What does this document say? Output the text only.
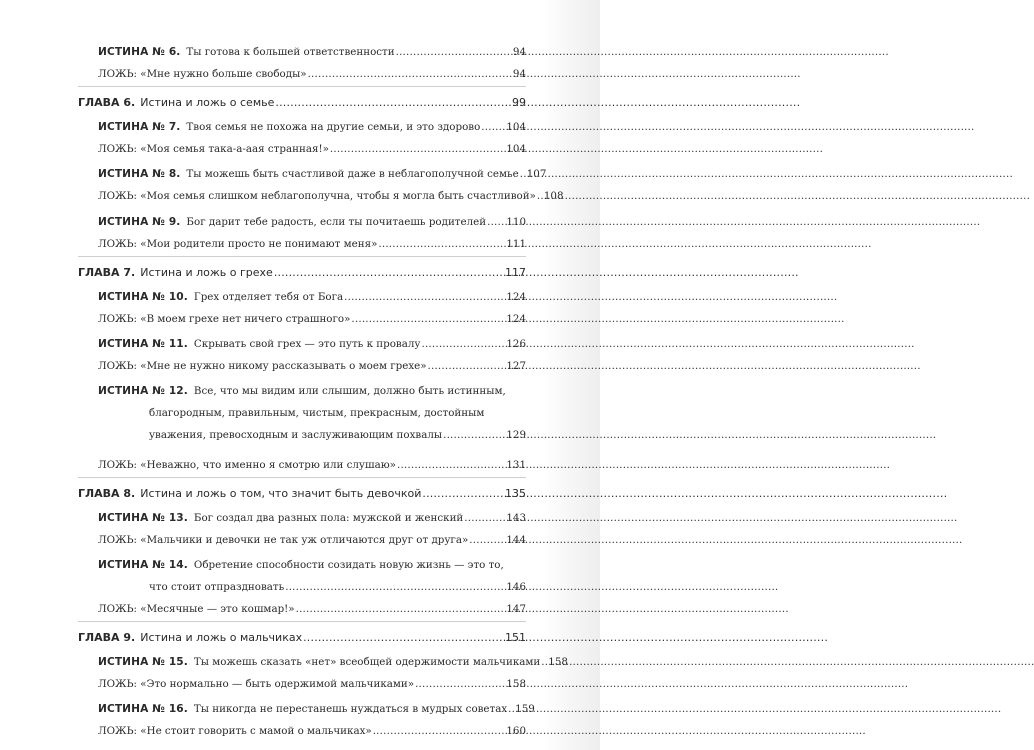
ИСТИНА № 6. Ты готова к большей ответственности .....	94
ЛОЖЬ: «Мне нужно больше свободы» .....	94
ГЛАВА 6. Истина и ложь о семье .....	99
ИСТИНА № 7. Твоя семья не похожа на другие семьи, и это здорово .....	104
ЛОЖЬ: «Моя семья така-а-аая странная!» .....	104
ИСТИНА № 8. Ты можешь быть счастливой даже в неблагополучной семье ..... 107
ЛОЖЬ: «Моя семья слишком неблагополучна, чтобы я могла быть счастливой» ..... 108
ИСТИНА № 9. Бог дарит тебе радость, если ты почитаешь родителей ..... 110
ЛОЖЬ: «Мои родители просто не понимают меня» .....	111
ГЛАВА 7. Истина и ложь о грехе .....	117
ИСТИНА № 10. Грех отделяет тебя от Бога .....	124
ЛОЖЬ: «В моем грехе нет ничего страшного» .....	124
ИСТИНА № 11. Скрывать свой грех — это путь к провалу .....	126
ЛОЖЬ: «Мне не нужно никому рассказывать о моем грехе» .....	127
ИСТИНА № 12. Все, что мы видим или слышим, должно быть истинным,
благородным, правильным, чистым, прекрасным, достойным
уважения, превосходным и заслуживающим похвалы .....	129
ЛОЖЬ: «Неважно, что именно я смотрю или слушаю» .....	131
ГЛАВА 8. Истина и ложь о том, что значит быть девочкой .....	135
ИСТИНА № 13. Бог создал два разных пола: мужской и женский .....	143
ЛОЖЬ: «Мальчики и девочки не так уж отличаются друг от друга» .....	144
ИСТИНА № 14. Обретение способности созидать новую жизнь — это то,
что стоит отпраздновать .....	146
ЛОЖЬ: «Месячные — это кошмар!» .....	147
ГЛАВА 9. Истина и ложь о мальчиках .....	151
ИСТИНА № 15. Ты можешь сказать «нет» всеобщей одержимости мальчиками ..... 158
ЛОЖЬ: «Это нормально — быть одержимой мальчиками» .....	158
ИСТИНА № 16. Ты никогда не перестанешь нуждаться в мудрых советах ..... 159
ЛОЖЬ: «Не стоит говорить с мамой о мальчиках» .....	160
